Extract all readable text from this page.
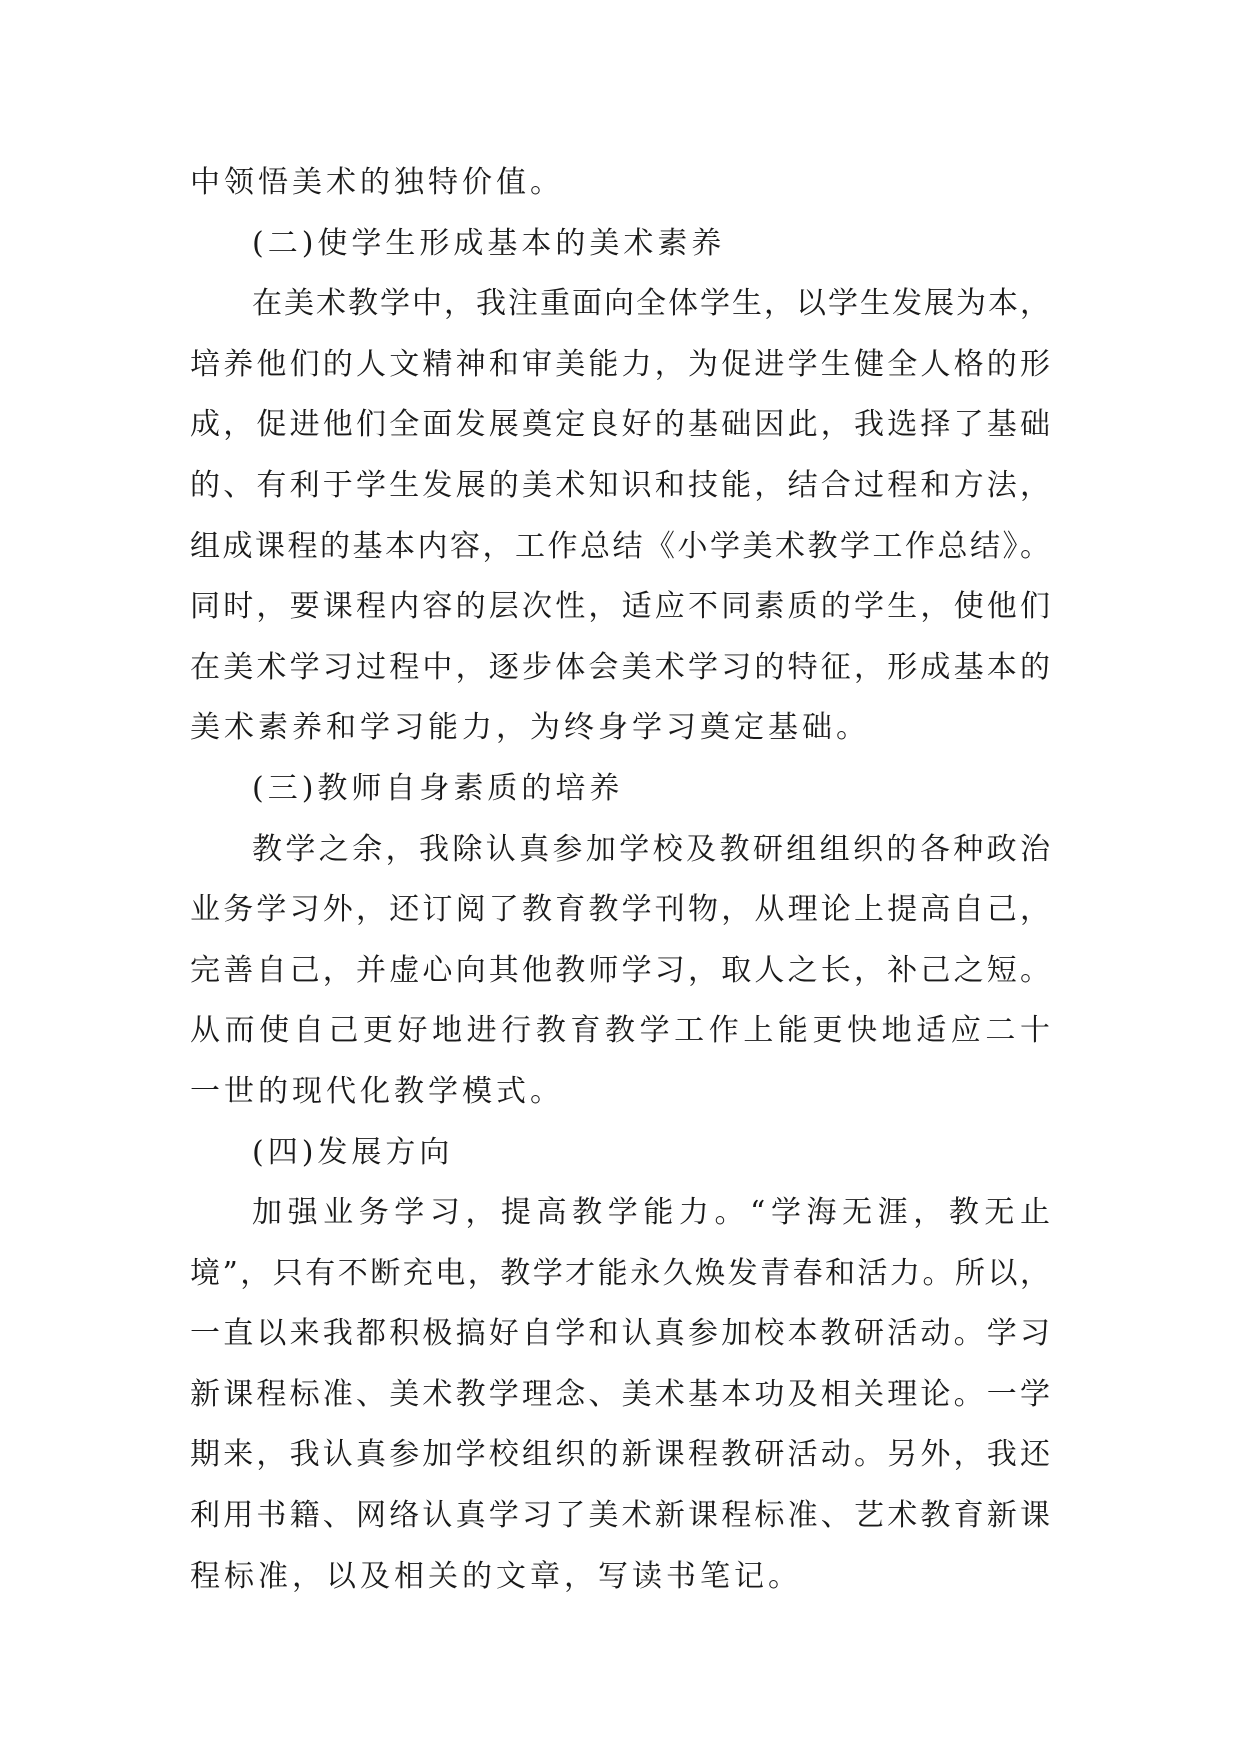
中领悟美术的独特价值。
(二)使学生形成基本的美术素养
在美术教学中，我注重面向全体学生，以学生发展为本，
培养他们的人文精神和审美能力，为促进学生健全人格的形
成，促进他们全面发展奠定良好的基础因此，我选择了基础
的、有利于学生发展的美术知识和技能，结合过程和方法，
组成课程的基本内容，工作总结《小学美术教学工作总结》。
同时，要课程内容的层次性，适应不同素质的学生，使他们
在美术学习过程中，逐步体会美术学习的特征，形成基本的
美术素养和学习能力，为终身学习奠定基础。
(三)教师自身素质的培养
教学之余，我除认真参加学校及教研组组织的各种政治
业务学习外，还订阅了教育教学刊物，从理论上提高自己，
完善自己，并虚心向其他教师学习，取人之长，补己之短。
从而使自己更好地进行教育教学工作上能更快地适应二十
一世的现代化教学模式。
(四)发展方向
加强业务学习，提高教学能力。“学海无涯，教无止
境”，只有不断充电，教学才能永久焕发青春和活力。所以，
一直以来我都积极搞好自学和认真参加校本教研活动。学习
新课程标准、美术教学理念、美术基本功及相关理论。一学
期来，我认真参加学校组织的新课程教研活动。另外，我还
利用书籍、网络认真学习了美术新课程标准、艺术教育新课
程标准，以及相关的文章，写读书笔记。
